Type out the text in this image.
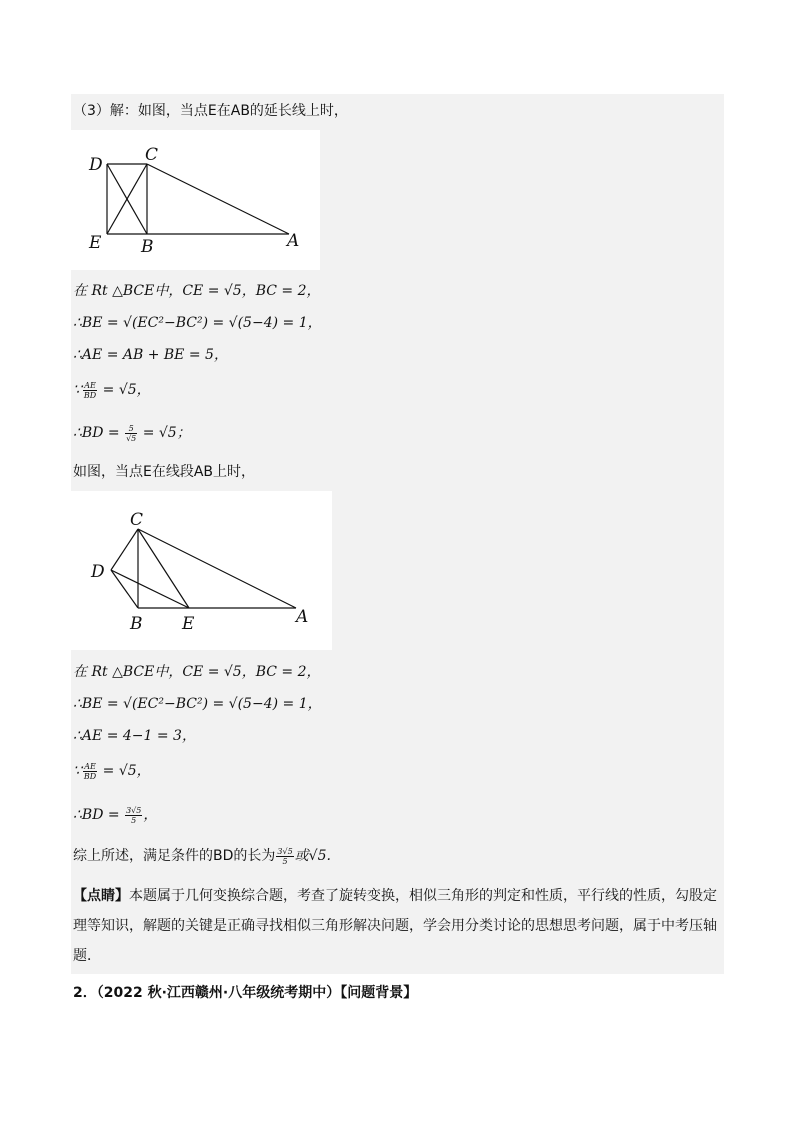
（3）解：如图，当点E在AB的延长线上时，
D C
E B	A
在 Rt △BCE中，CE = √5，BC = 2，
∴BE = √(EC²−BC²) = √(5−4) = 1，
∴AE = AB + BE = 5，
∵ $\frac{AE}{BD} = √5$，
∴BD = $\frac{5}{√5} = √5$；
如图，当点E在线段AB上时，
C
D
B E	A
在 Rt △BCE中，CE = √5，BC = 2，
∴BE = √(EC²−BC²) = √(5−4) = 1，
∴AE = 4−1 = 3，
∵ $\frac{AE}{BD} = √5$，
∴BD = $\frac{3√5}{5}$ ，
综上所述，满足条件的BD的长为 $\frac{3√5}{5}$ 或√5.
【点睛】本题属于几何变换综合题，考查了旋转变换，相似三角形的判定和性质，平行线的性质，勾股定理等知识，解题的关键是正确寻找相似三角形解决问题，学会用分类讨论的思想思考问题，属于中考压轴题．
2．（2022 秋·江西赣州·八年级统考期中）【问题背景】
